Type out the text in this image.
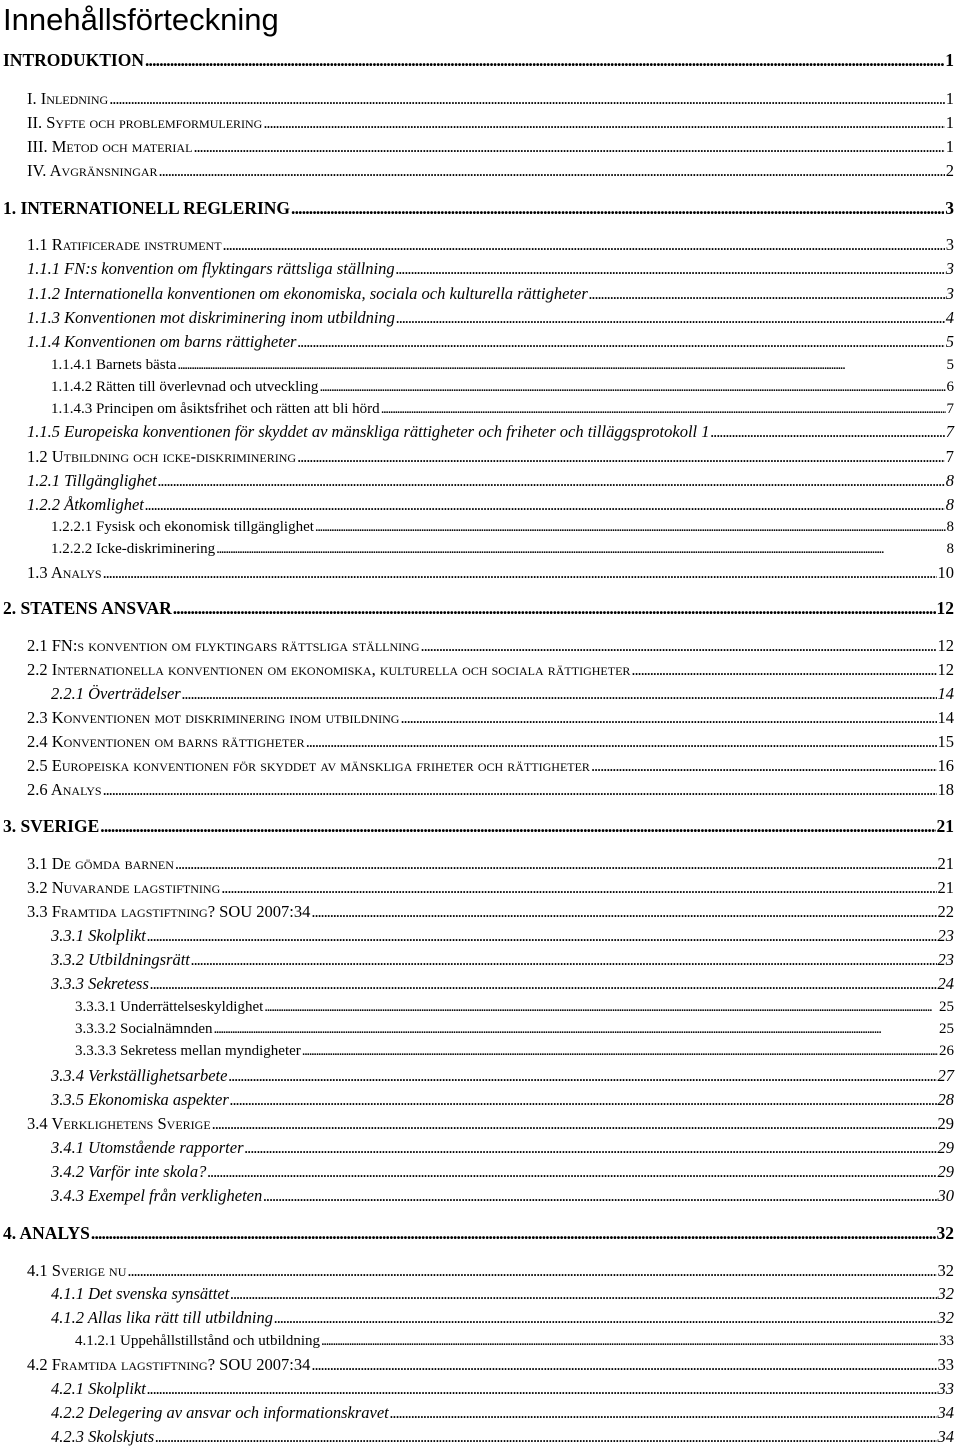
Innehållsförteckning
INTRODUKTION . . .	1
I. Inledning . . .	1
II. Syfte och problemformulering . . .	1
III. Metod och material . . .	1
IV. Avgränsningar . . .	2
1. INTERNATIONELL REGLERING . . .	3
1.1 Ratificerade instrument . . .	3
1.1.1 FN:s konvention om flyktingars rättsliga ställning . . .	3
1.1.2 Internationella konventionen om ekonomiska, sociala och kulturella rättigheter . . .	3
1.1.3 Konventionen mot diskriminering inom utbildning . . .	4
1.1.4 Konventionen om barns rättigheter . . .	5
1.1.4.1 Barnets bästa . . .	5
1.1.4.2 Rätten till överlevnad och utveckling . . .	6
1.1.4.3 Principen om åsiktsfrihet och rätten att bli hörd . . .	7
1.1.5 Europeiska konventionen för skyddet av mänskliga rättigheter och friheter och tilläggsprotokoll 1 . . .	7
1.2 Utbildning och icke-diskriminering . . .	7
1.2.1 Tillgänglighet . . .	8
1.2.2 Åtkomlighet . . .	8
1.2.2.1 Fysisk och ekonomisk tillgänglighet . . .	8
1.2.2.2 Icke-diskriminering . . .	8
1.3 Analys . . .	10
2. STATENS ANSVAR . . .	12
2.1 FN:s konvention om flyktingars rättsliga ställning . . .	12
2.2 Internationella konventionen om ekonomiska, kulturella och sociala rättigheter . . .	12
2.2.1 Överträdelser . . .	14
2.3 Konventionen mot diskriminering inom utbildning . . .	14
2.4 Konventionen om barns rättigheter . . .	15
2.5 Europeiska konventionen för skyddet av mänskliga friheter och rättigheter . . .	16
2.6 Analys . . .	18
3. SVERIGE . . .	21
3.1 De gömda barnen . . .	21
3.2 Nuvarande lagstiftning . . .	21
3.3 Framtida lagstiftning? SOU 2007:34 . . .	22
3.3.1 Skolplikt . . .	23
3.3.2 Utbildningsrätt . . .	23
3.3.3 Sekretess . . .	24
3.3.3.1 Underrättelseskyldighet . . .	25
3.3.3.2 Socialnämnden . . .	25
3.3.3.3 Sekretess mellan myndigheter . . .	26
3.3.4 Verkställighetsarbete . . .	27
3.3.5 Ekonomiska aspekter . . .	28
3.4 Verklighetens Sverige . . .	29
3.4.1 Utomstående rapporter . . .	29
3.4.2 Varför inte skola? . . .	29
3.4.3 Exempel från verkligheten . . .	30
4. ANALYS . . .	32
4.1 Sverige nu . . .	32
4.1.1 Det svenska synsättet . . .	32
4.1.2 Allas lika rätt till utbildning . . .	32
4.1.2.1 Uppehållstillstånd och utbildning . . .	33
4.2 Framtida lagstiftning? SOU 2007:34 . . .	33
4.2.1 Skolplikt . . .	33
4.2.2 Delegering av ansvar och informationskravet . . .	34
4.2.3 Skolskjuts . . .	34
